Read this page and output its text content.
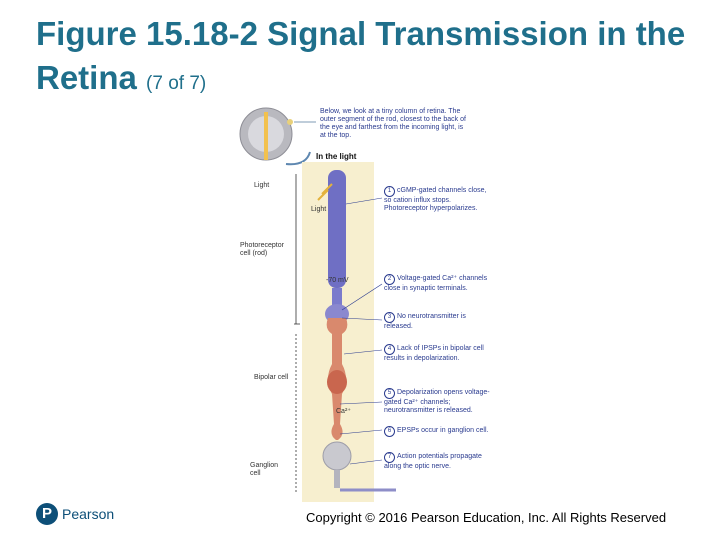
Figure 15.18-2 Signal Transmission in the Retina (7 of 7)
Below, we look at a tiny column of retina. The outer segment of the rod, closest to the back of the eye and farthest from the incoming light, is at the top.
In the light
Light
Photoreceptor cell (rod)
Bipolar cell
Ganglion cell
Light
-70 mV
Ca²⁺
1 cGMP-gated channels close, so cation influx stops. Photoreceptor hyperpolarizes.
2 Voltage-gated Ca²⁺ channels close in synaptic terminals.
3 No neurotransmitter is released.
4 Lack of IPSPs in bipolar cell results in depolarization.
5 Depolarization opens voltage-gated Ca²⁺ channels; neurotransmitter is released.
6 EPSPs occur in ganglion cell.
7 Action potentials propagate along the optic nerve.
P Pearson	Copyright © 2016 Pearson Education, Inc. All Rights Reserved
